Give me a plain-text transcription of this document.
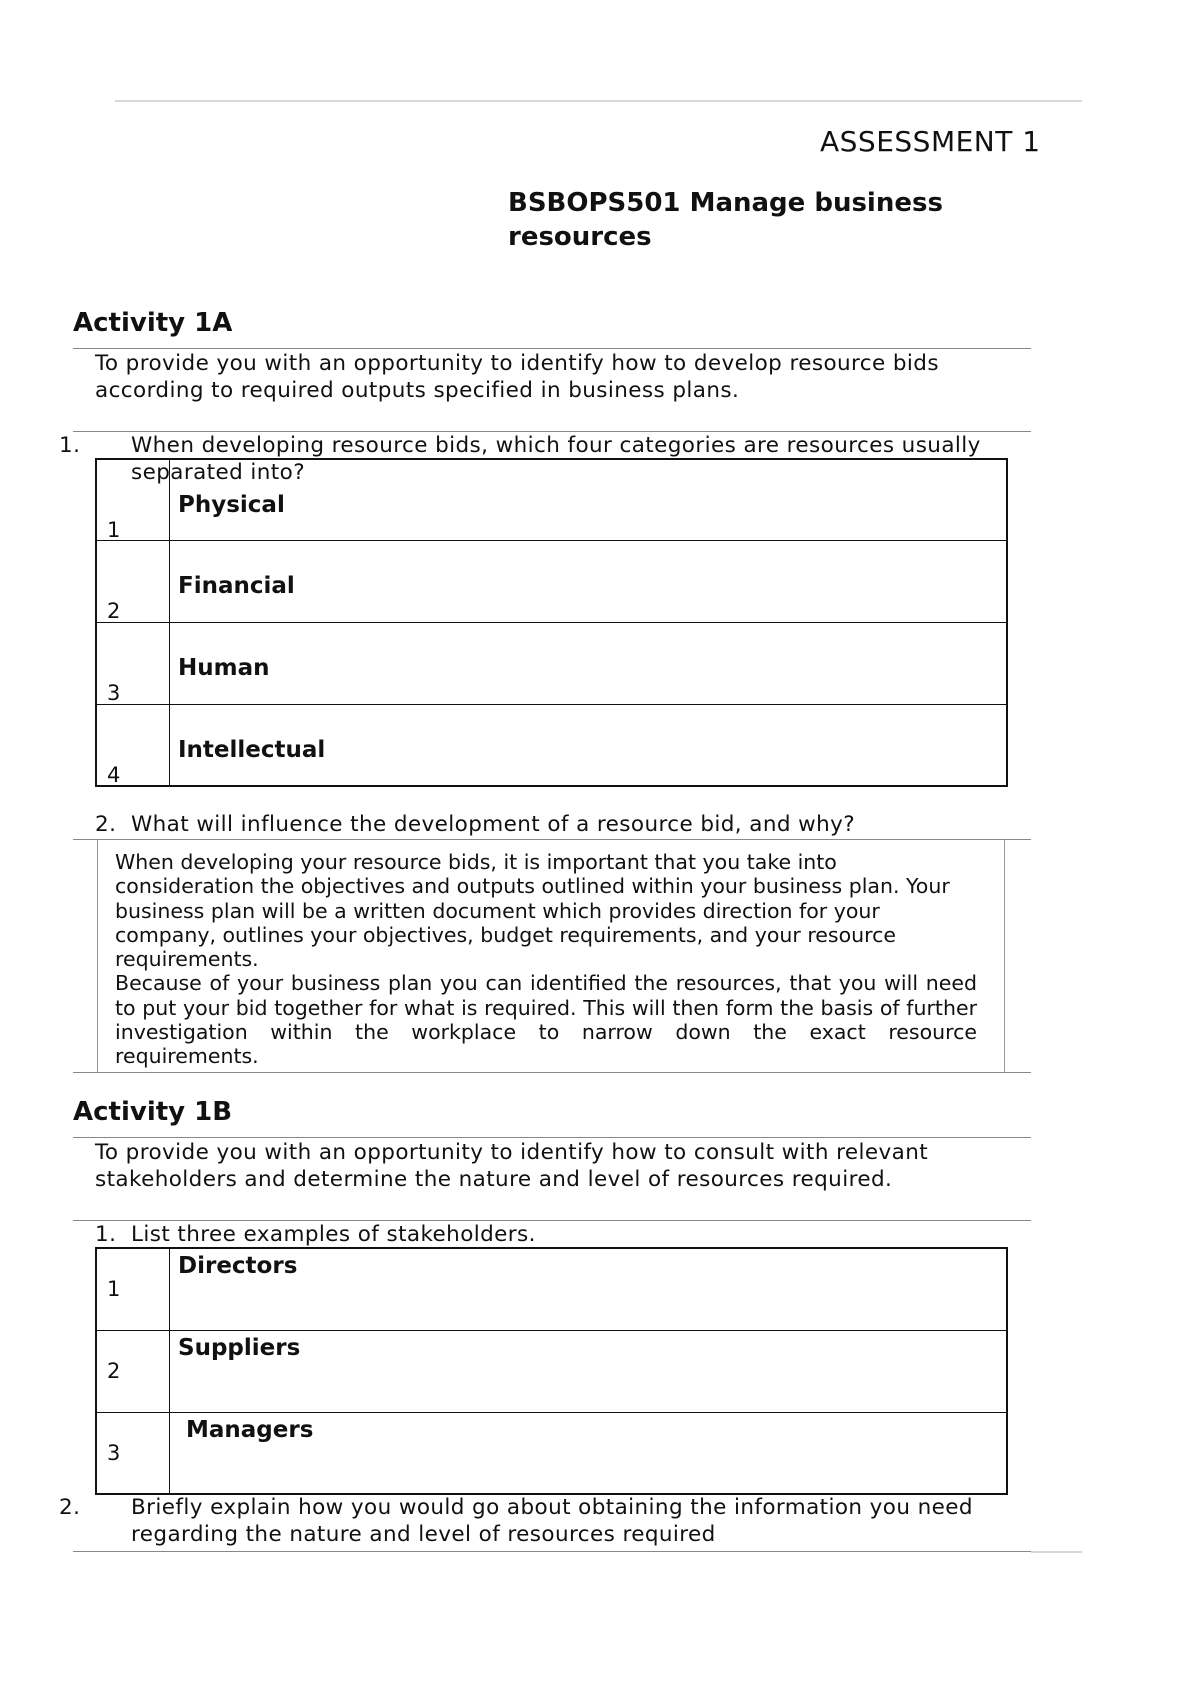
ASSESSMENT 1
BSBOPS501 Manage business resources
Activity 1A
To provide you with an opportunity to identify how to develop resource bids according to required outputs specified in business plans.
1. When developing resource bids, which four categories are resources usually separated into?
1	Physical

2	Financial

3	Human

4	Intellectual
2. What will influence the development of a resource bid, and why?

When developing your resource bids, it is important that you take into consideration the objectives and outputs outlined within your business plan. Your business plan will be a written document which provides direction for your company, outlines your objectives, budget requirements, and your resource requirements.

Because of your business plan you can identified the resources, that you will need to put your bid together for what is required. This will then form the basis of further investigation within the workplace to narrow down the exact resource requirements.

Activity 1B
To provide you with an opportunity to identify how to consult with relevant stakeholders and determine the nature and level of resources required.
1. List three examples of stakeholders.
1	Directors

2	Suppliers

3	Managers
2. Briefly explain how you would go about obtaining the information you need regarding the nature and level of resources required
